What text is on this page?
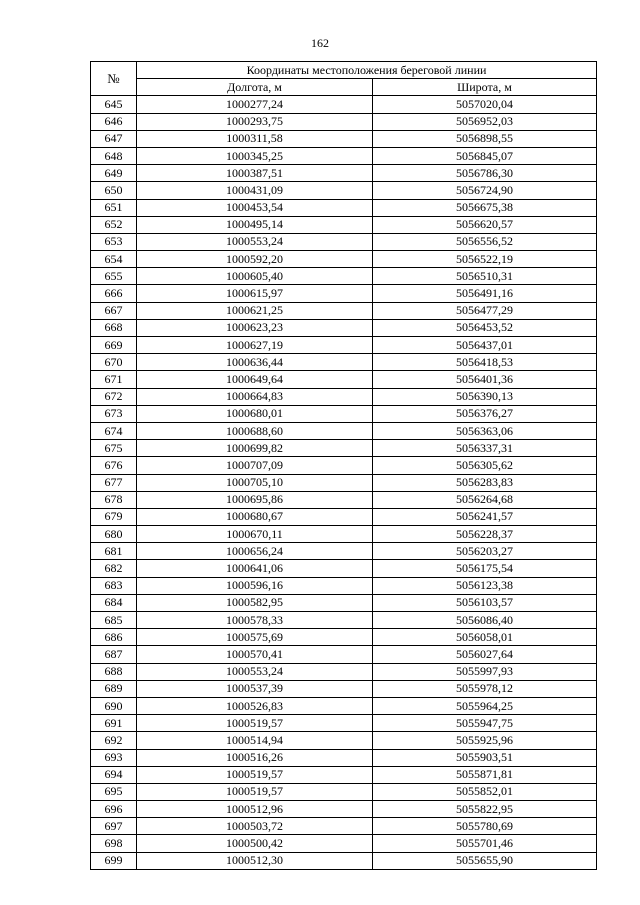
162
№	Координаты местоположения береговой линии	
	Долгота, м	Широта, м
645	1000277,24	5057020,04
646	1000293,75	5056952,03
647	1000311,58	5056898,55
648	1000345,25	5056845,07
649	1000387,51	5056786,30
650	1000431,09	5056724,90
651	1000453,54	5056675,38
652	1000495,14	5056620,57
653	1000553,24	5056556,52
654	1000592,20	5056522,19
655	1000605,40	5056510,31
666	1000615,97	5056491,16
667	1000621,25	5056477,29
668	1000623,23	5056453,52
669	1000627,19	5056437,01
670	1000636,44	5056418,53
671	1000649,64	5056401,36
672	1000664,83	5056390,13
673	1000680,01	5056376,27
674	1000688,60	5056363,06
675	1000699,82	5056337,31
676	1000707,09	5056305,62
677	1000705,10	5056283,83
678	1000695,86	5056264,68
679	1000680,67	5056241,57
680	1000670,11	5056228,37
681	1000656,24	5056203,27
682	1000641,06	5056175,54
683	1000596,16	5056123,38
684	1000582,95	5056103,57
685	1000578,33	5056086,40
686	1000575,69	5056058,01
687	1000570,41	5056027,64
688	1000553,24	5055997,93
689	1000537,39	5055978,12
690	1000526,83	5055964,25
691	1000519,57	5055947,75
692	1000514,94	5055925,96
693	1000516,26	5055903,51
694	1000519,57	5055871,81
695	1000519,57	5055852,01
696	1000512,96	5055822,95
697	1000503,72	5055780,69
698	1000500,42	5055701,46
699	1000512,30	5055655,90
